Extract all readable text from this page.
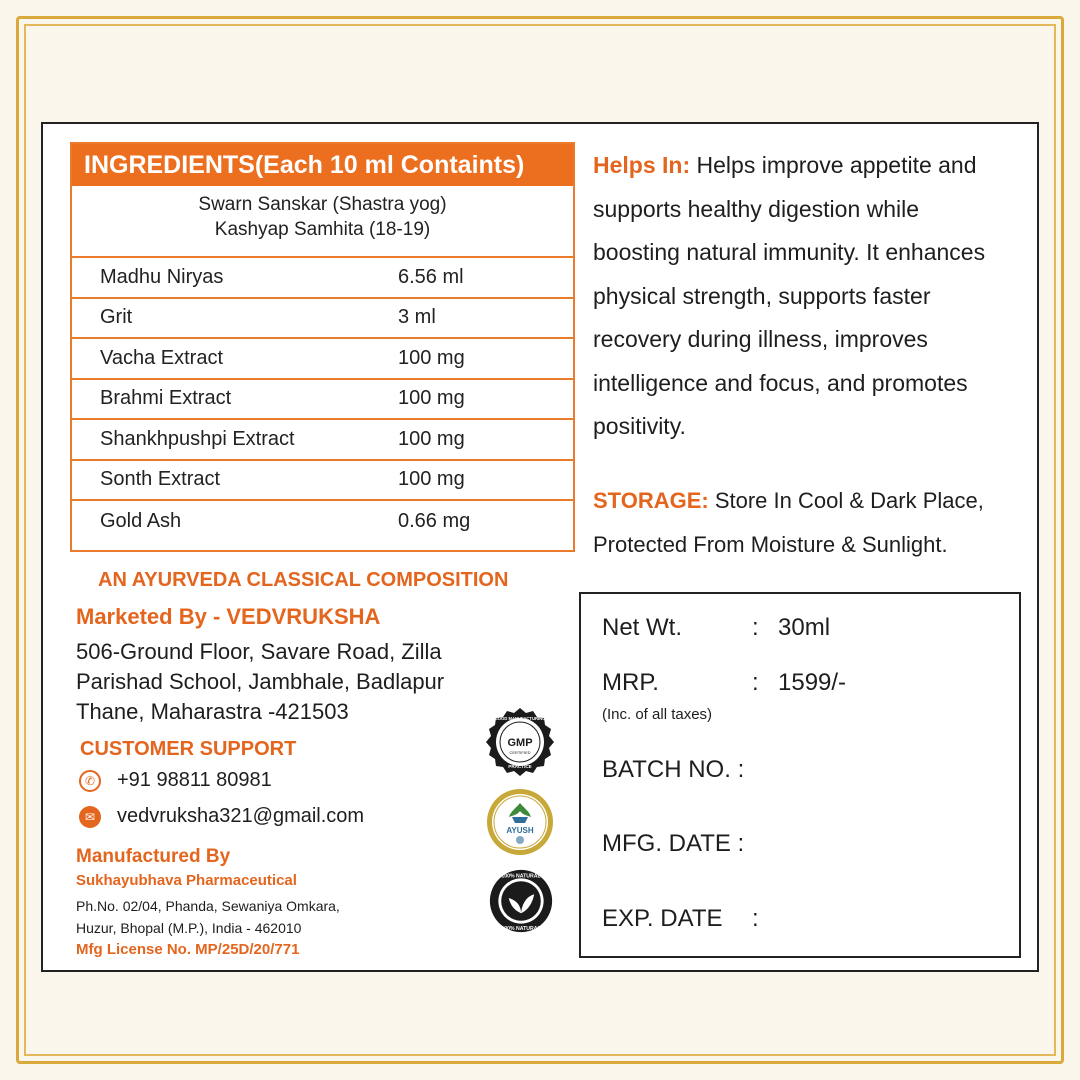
INGREDIENTS(Each 10 ml Containts)
Swarn Sanskar (Shastra yog)
Kashyap Samhita (18-19)
Madhu Niryas	6.56 ml
Grit	3 ml
Vacha Extract	100 mg
Brahmi Extract	100 mg
Shankhpushpi Extract	100 mg
Sonth Extract	100 mg
Gold Ash	0.66 mg
AN AYURVEDA CLASSICAL COMPOSITION
Marketed By - VEDVRUKSHA
506-Ground Floor, Savare Road, Zilla
Parishad School, Jambhale, Badlapur
Thane, Maharastra -421503
CUSTOMER SUPPORT
✆ +91 98811 80981
✉ vedvruksha321@gmail.com
Manufactured By
Sukhayubhava Pharmaceutical
Ph.No. 02/04, Phanda, Sewaniya Omkara,
Huzur, Bhopal (M.P.), India - 462010
Mfg License No. MP/25D/20/771
GMP
CERTIFIED
GOOD MANUFACTURING
PRACTICE
AYUSH
100% NATURAL
100% NATURAL
Helps In: Helps improve appetite and
supports healthy digestion while
boosting natural immunity. It enhances
physical strength, supports faster
recovery during illness, improves
intelligence and focus, and promotes
positivity.
STORAGE: Store In Cool & Dark Place,
Protected From Moisture & Sunlight.
Net Wt.	: 30ml
MRP.	: 1599/-
(Inc. of all taxes)
BATCH NO. :
MFG. DATE :
EXP. DATE :
